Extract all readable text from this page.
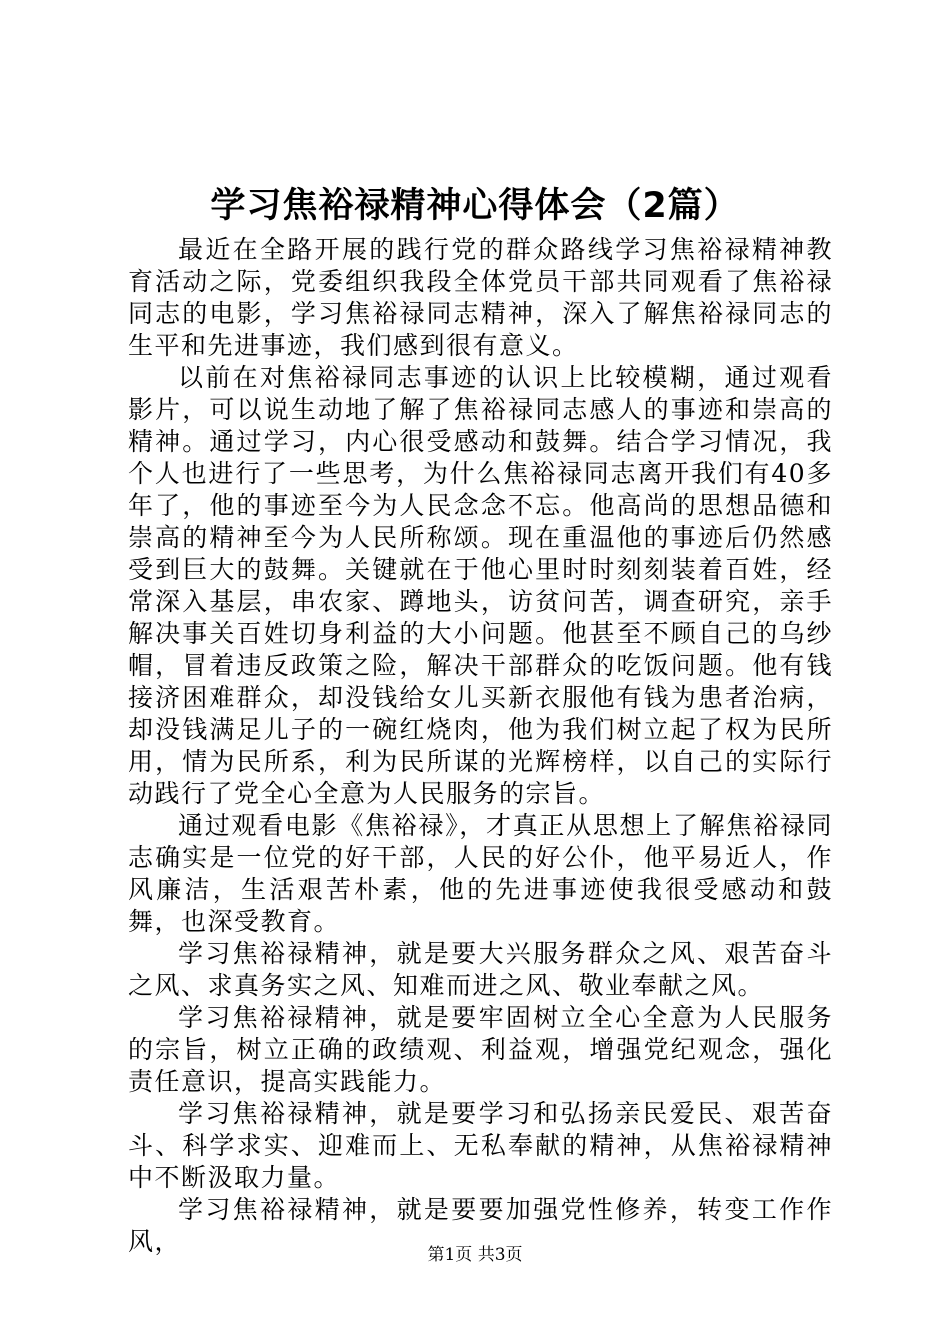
学习焦裕禄精神心得体会（2篇）

最近在全路开展的践行党的群众路线学习焦裕禄精神教育活动之际，党委组织我段全体党员干部共同观看了焦裕禄同志的电影，学习焦裕禄同志精神，深入了解焦裕禄同志的生平和先进事迹，我们感到很有意义。

以前在对焦裕禄同志事迹的认识上比较模糊，通过观看影片，可以说生动地了解了焦裕禄同志感人的事迹和崇高的精神。通过学习，内心很受感动和鼓舞。结合学习情况，我个人也进行了一些思考，为什么焦裕禄同志离开我们有40多年了，他的事迹至今为人民念念不忘。他高尚的思想品德和崇高的精神至今为人民所称颂。现在重温他的事迹后仍然感受到巨大的鼓舞。关键就在于他心里时时刻刻装着百姓，经常深入基层，串农家、蹲地头，访贫问苦，调查研究，亲手解决事关百姓切身利益的大小问题。他甚至不顾自己的乌纱帽，冒着违反政策之险，解决干部群众的吃饭问题。他有钱接济困难群众，却没钱给女儿买新衣服他有钱为患者治病，却没钱满足儿子的一碗红烧肉，他为我们树立起了权为民所用，情为民所系，利为民所谋的光辉榜样，以自己的实际行动践行了党全心全意为人民服务的宗旨。

通过观看电影《焦裕禄》，才真正从思想上了解焦裕禄同志确实是一位党的好干部，人民的好公仆，他平易近人，作风廉洁，生活艰苦朴素，他的先进事迹使我很受感动和鼓舞，也深受教育。

学习焦裕禄精神，就是要大兴服务群众之风、艰苦奋斗之风、求真务实之风、知难而进之风、敬业奉献之风。

学习焦裕禄精神，就是要牢固树立全心全意为人民服务的宗旨，树立正确的政绩观、利益观，增强党纪观念，强化责任意识，提高实践能力。

学习焦裕禄精神，就是要学习和弘扬亲民爱民、艰苦奋斗、科学求实、迎难而上、无私奉献的精神，从焦裕禄精神中不断汲取力量。

学习焦裕禄精神，就是要要加强党性修养，转变工作作风，	第1页 共3页
